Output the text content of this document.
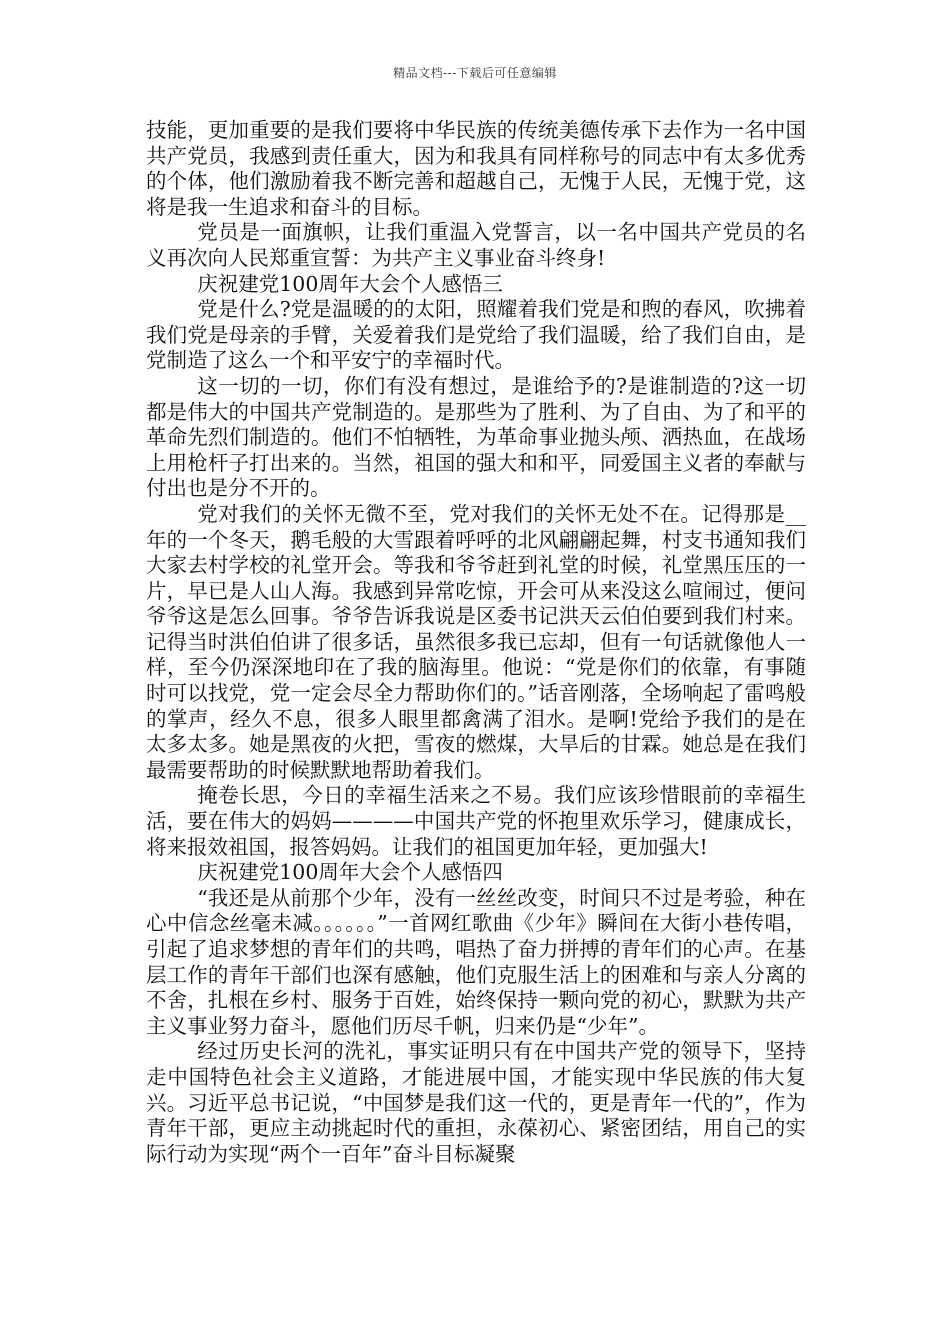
精品文档---下载后可任意编辑

技能，更加重要的是我们要将中华民族的传统美德传承下去作为一名中国共产党员，我感到责任重大，因为和我具有同样称号的同志中有太多优秀的个体，他们激励着我不断完善和超越自己，无愧于人民，无愧于党，这将是我一生追求和奋斗的目标。

党员是一面旗帜，让我们重温入党誓言，以一名中国共产党员的名义再次向人民郑重宣誓：为共产主义事业奋斗终身!

庆祝建党100周年大会个人感悟三

党是什么?党是温暖的的太阳，照耀着我们党是和煦的春风，吹拂着我们党是母亲的手臂，关爱着我们是党给了我们温暖，给了我们自由，是党制造了这么一个和平安宁的幸福时代。

这一切的一切，你们有没有想过，是谁给予的?是谁制造的?这一切都是伟大的中国共产党制造的。是那些为了胜利、为了自由、为了和平的革命先烈们制造的。他们不怕牺牲，为革命事业抛头颅、洒热血，在战场上用枪杆子打出来的。当然，祖国的强大和和平，同爱国主义者的奉献与付出也是分不开的。

党对我们的关怀无微不至，党对我们的关怀无处不在。记得那是__年的一个冬天，鹅毛般的大雪跟着呼呼的北风翩翩起舞，村支书通知我们大家去村学校的礼堂开会。等我和爷爷赶到礼堂的时候，礼堂黑压压的一片，早已是人山人海。我感到异常吃惊，开会可从来没这么喧闹过，便问爷爷这是怎么回事。爷爷告诉我说是区委书记洪天云伯伯要到我们村来。记得当时洪伯伯讲了很多话，虽然很多我已忘却，但有一句话就像他人一样，至今仍深深地印在了我的脑海里。他说：“党是你们的依靠，有事随时可以找党，党一定会尽全力帮助你们的。”话音刚落，全场响起了雷鸣般的掌声，经久不息，很多人眼里都禽满了泪水。是啊!党给予我们的是在太多太多。她是黑夜的火把，雪夜的燃煤，大旱后的甘霖。她总是在我们最需要帮助的时候默默地帮助着我们。

掩卷长思，今日的幸福生活来之不易。我们应该珍惜眼前的幸福生活，要在伟大的妈妈————中国共产党的怀抱里欢乐学习，健康成长，将来报效祖国，报答妈妈。让我们的祖国更加年轻，更加强大!

庆祝建党100周年大会个人感悟四

“我还是从前那个少年，没有一丝丝改变，时间只不过是考验，种在心中信念丝毫未减。。。。。。”一首网红歌曲《少年》瞬间在大街小巷传唱，引起了追求梦想的青年们的共鸣，唱热了奋力拼搏的青年们的心声。在基层工作的青年干部们也深有感触，他们克服生活上的困难和与亲人分离的不舍，扎根在乡村、服务于百姓，始终保持一颗向党的初心，默默为共产主义事业努力奋斗，愿他们历尽千帆，归来仍是“少年”。

经过历史长河的洗礼，事实证明只有在中国共产党的领导下，坚持走中国特色社会主义道路，才能进展中国，才能实现中华民族的伟大复兴。习近平总书记说，“中国梦是我们这一代的，更是青年一代的”，作为青年干部，更应主动挑起时代的重担，永葆初心、紧密团结，用自己的实际行动为实现“两个一百年”奋斗目标凝聚
